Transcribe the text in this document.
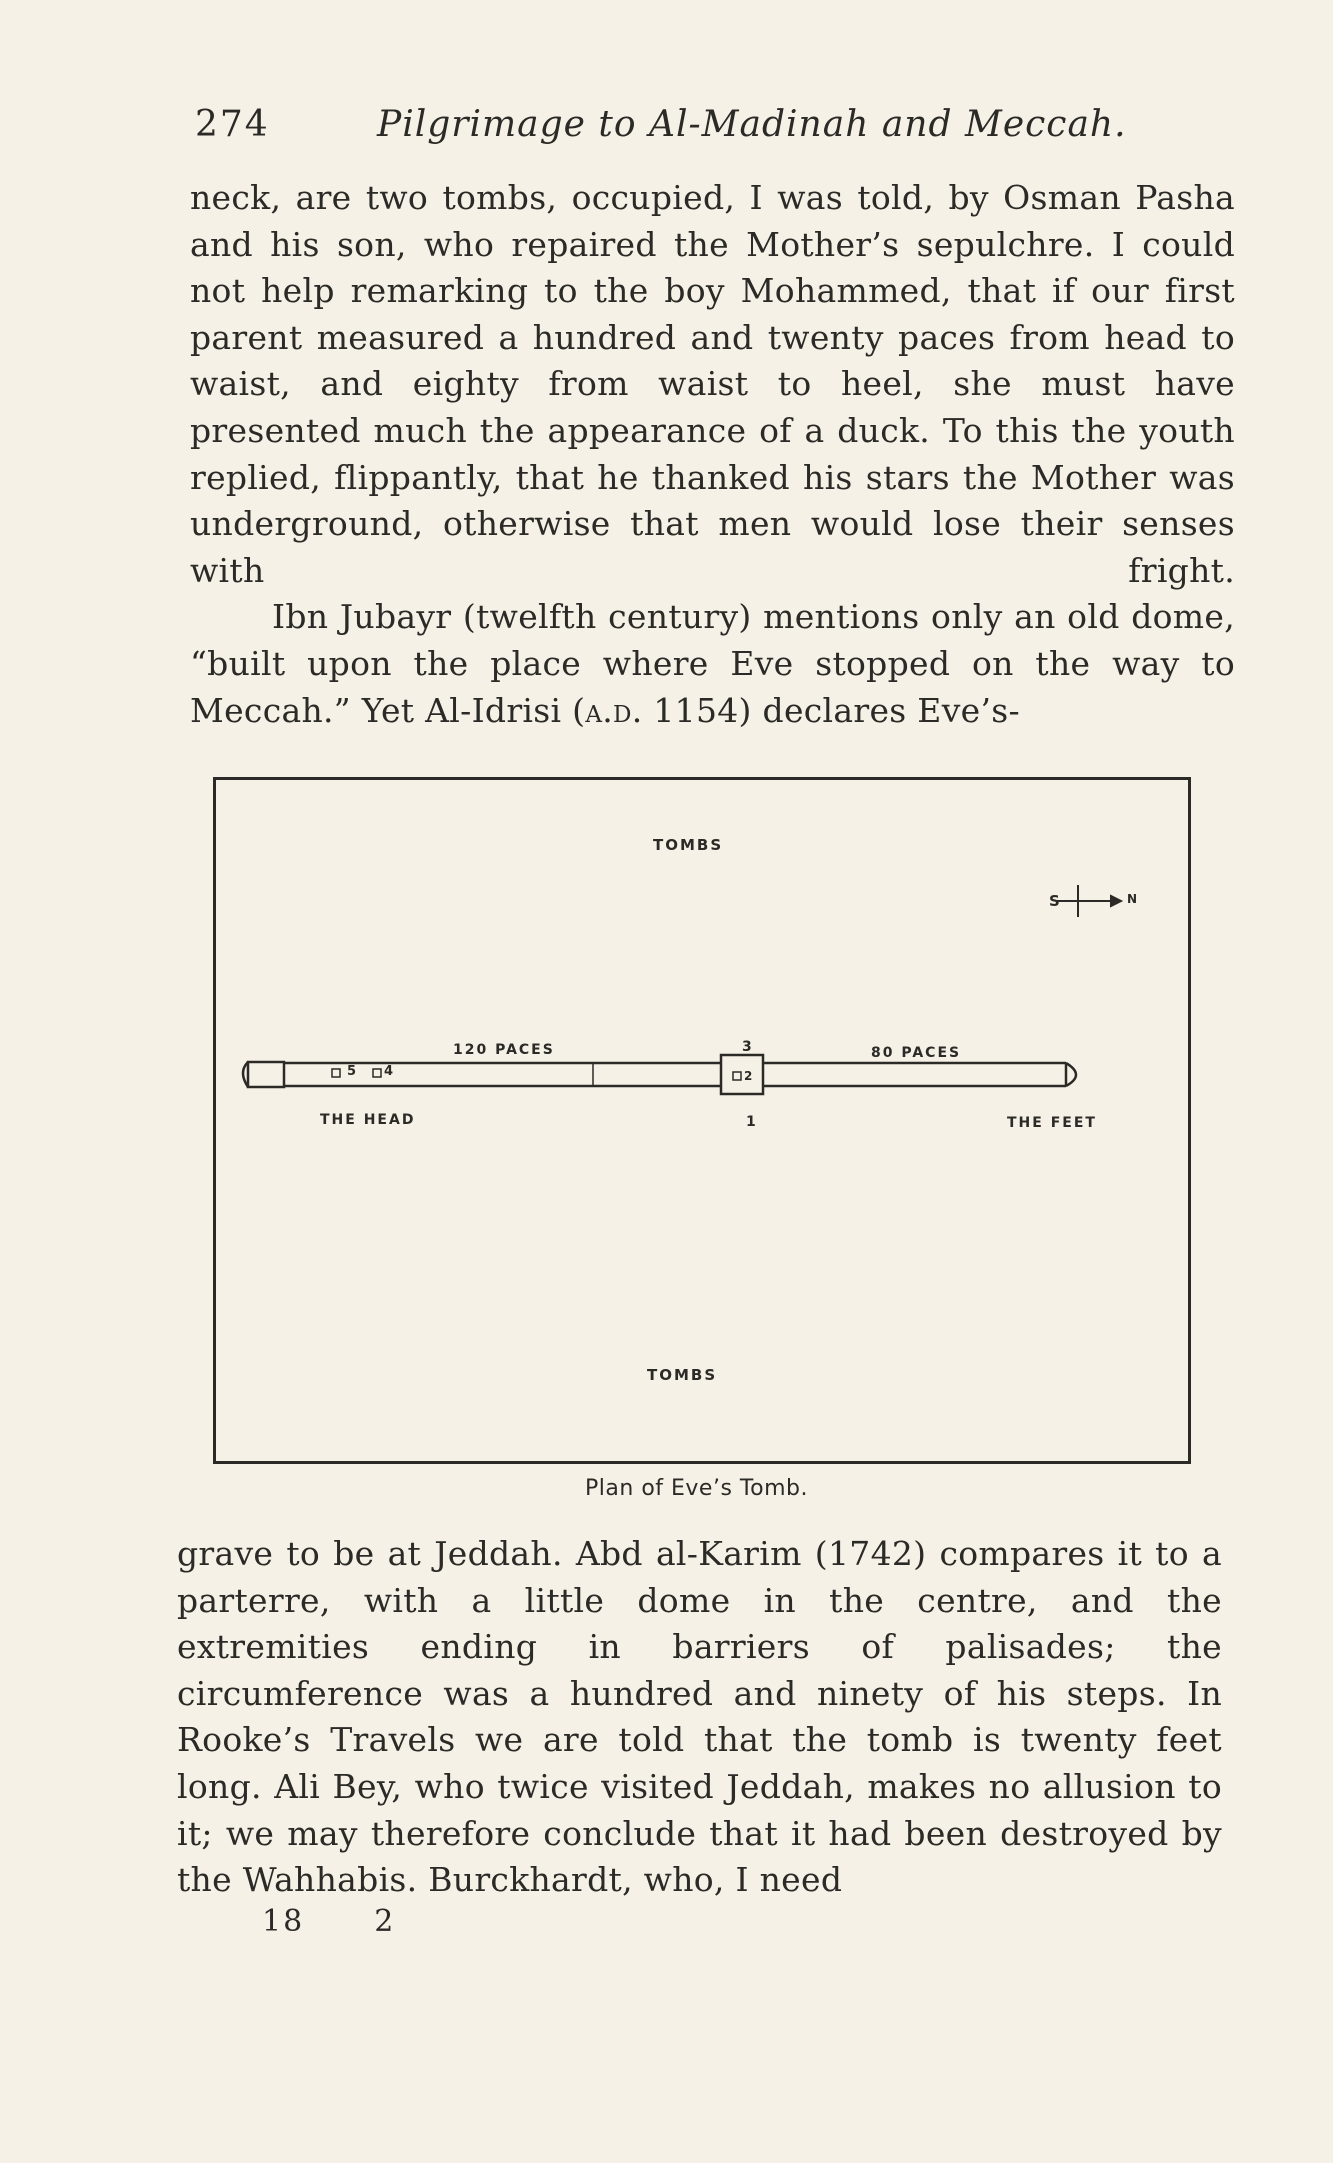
274	Pilgrimage to Al-Madinah and Meccah.

neck, are two tombs, occupied, I was told, by Osman Pasha and his son, who repaired the Mother’s sepulchre. I could not help remarking to the boy Mohammed, that if our first parent measured a hundred and twenty paces from head to waist, and eighty from waist to heel, she must have presented much the appearance of a duck. To this the youth replied, flippantly, that he thanked his stars the Mother was underground, otherwise that men would lose their senses with fright.

Ibn Jubayr (twelfth century) mentions only an old dome, “built upon the place where Eve stopped on the way to Meccah.” Yet Al-Idrisi (a.d. 1154) declares Eve’s-

TOMBS
TOMBS
S	N
120 PACES	80 PACES
3
5 4	2
THE HEAD	1	THE FEET
Plan of Eve’s Tomb.

grave to be at Jeddah. Abd al-Karim (1742) compares it to a parterre, with a little dome in the centre, and the extremities ending in barriers of palisades; the circumference was a hundred and ninety of his steps. In Rooke’s Travels we are told that the tomb is twenty feet long. Ali Bey, who twice visited Jeddah, makes no allusion to it; we may therefore conclude that it had been destroyed by the Wahhabis. Burckhardt, who, I need

18 2
